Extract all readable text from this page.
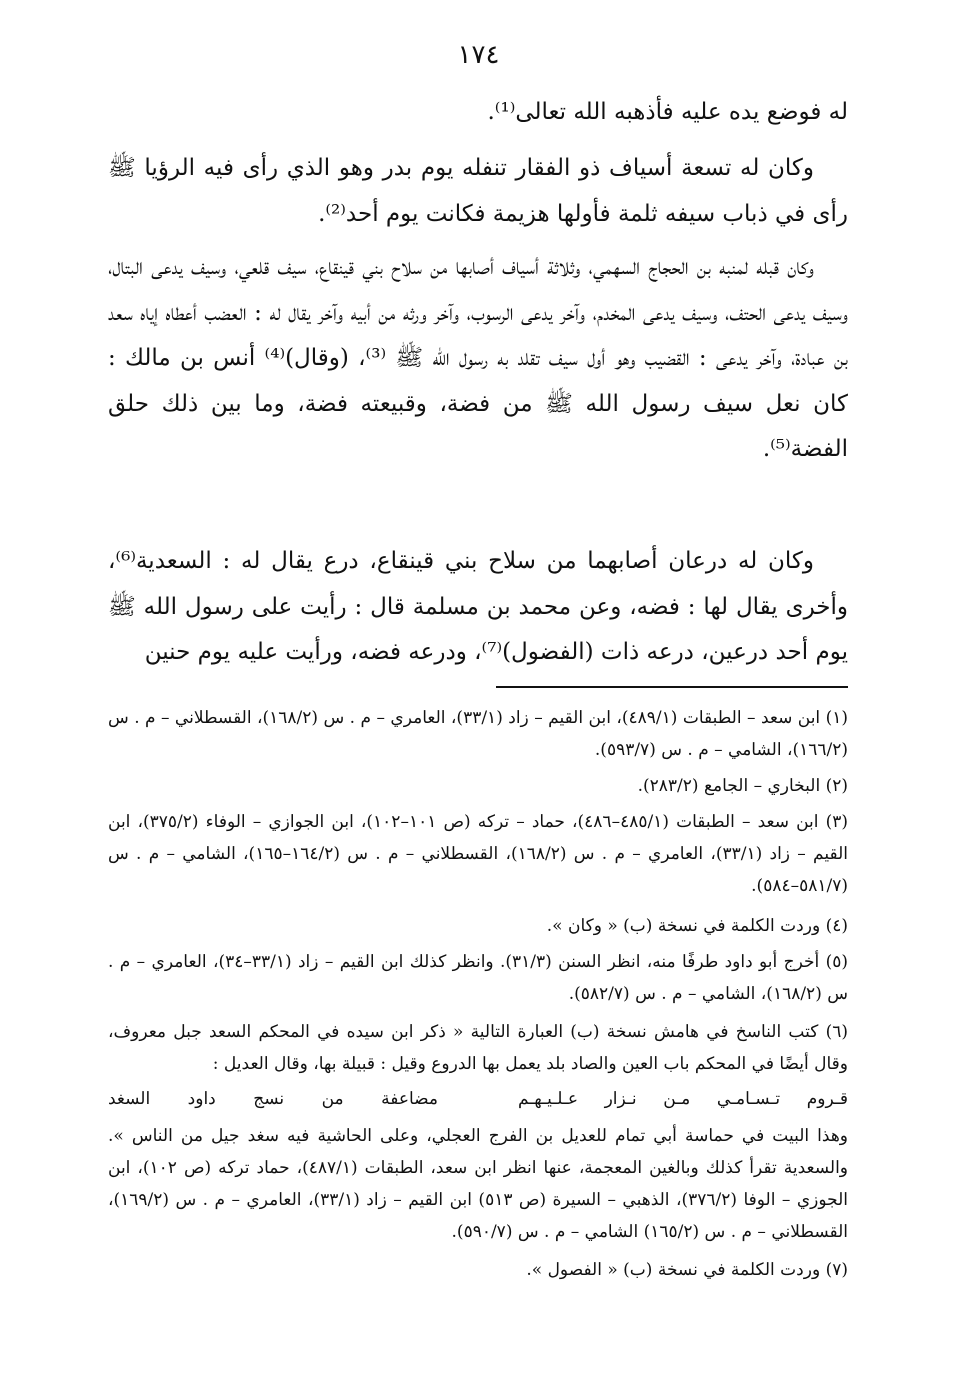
١٧٤

له فوضع يده عليه فأذهبه الله تعالى⁽¹⁾.

وكان له تسعة أسياف ذو الفقار تنفله يوم بدر وهو الذي رأى فيه الرؤيا ﷺ رأى في ذباب سيفه ثلمة فأولها هزيمة فكانت يوم أحد⁽²⁾.

وكان قبله لمنبه بن الحجاج السهمي، وثلاثة أسياف أصابها من سلاح بني قينقاع، سيف قلعي، وسيف يدعى البتال، وسيف يدعى الحتف، وسيف يدعى المخدم، وآخر يدعى الرسوب، وآخر ورثه من أبيه وآخر يقال له : العضب أعطاه إياه سعد بن عبادة، وآخر يدعى : القضيب وهو أول سيف تقلد به رسول الله ﷺ ⁽³⁾، (وقال)⁽⁴⁾ أنس بن مالك : كان نعل سيف رسول الله ﷺ من فضة، وقبيعته فضة، وما بين ذلك حلق الفضة⁽⁵⁾.

وكان له درعان أصابهما من سلاح بني قينقاع، درع يقال له : السعدية⁽⁶⁾، وأخرى يقال لها : فضه، وعن محمد بن مسلمة قال : رأيت على رسول الله ﷺ يوم أحد درعين، درعه ذات (الفضول)⁽⁷⁾، ودرعه فضه، ورأيت عليه يوم حنين

(١) ابن سعد – الطبقات (٤٨٩/١)، ابن القيم – زاد (٣٣/١)، العامري – م . س (١٦٨/٢)، القسطلاني – م . س (١٦٦/٢)، الشامي – م . س (٥٩٣/٧).

(٢) البخاري – الجامع (٢٨٣/٢).

(٣) ابن سعد – الطبقات (٤٨٥/١–٤٨٦)، حماد – تركه (ص ١٠١–١٠٢)، ابن الجوازي – الوفاء (٣٧٥/٢)، ابن القيم – زاد (٣٣/١)، العامري – م . س (١٦٨/٢)، القسطلاني – م . س (١٦٤/٢–١٦٥)، الشامي – م . س (٥٨١/٧–٥٨٤).

(٤) وردت الكلمة في نسخة (ب) « وكان ».

(٥) أخرج أبو داود طرفًا منه، انظر السنن (٣١/٣). وانظر كذلك ابن القيم – زاد (٣٣/١–٣٤)، العامري – م . س (١٦٨/٢)، الشامي – م . س (٥٨٢/٧).

(٦) كتب الناسخ في هامش نسخة (ب) العبارة التالية « ذكر ابن سيده في المحكم السعد جبل معروف، وقال أيضًا في المحكم باب العين والصاد بلد يعمل بها الدروع وقيل : قبيلة بها، وقال العديل :

قـروم تـسـامـي مـن نـزار عـلـيـهـم
مضاعفة من نسج داود السغد

وهذا البيت في حماسة أبي تمام للعديل بن الفرج العجلي، وعلى الحاشية فيه سغد جيل من الناس ». والسعدية تقرأ كذلك وبالغين المعجمة، عنها انظر ابن سعد، الطبقات (٤٨٧/١)، حماد تركه (ص ١٠٢)، ابن الجوزي – الوفا (٣٧٦/٢)، الذهبي – السيرة (ص ٥١٣) ابن القيم – زاد (٣٣/١)، العامري – م . س (١٦٩/٢)، القسطلاني – م . س (١٦٥/٢) الشامي – م . س (٥٩٠/٧).

(٧) وردت الكلمة في نسخة (ب) « الفصول ».
